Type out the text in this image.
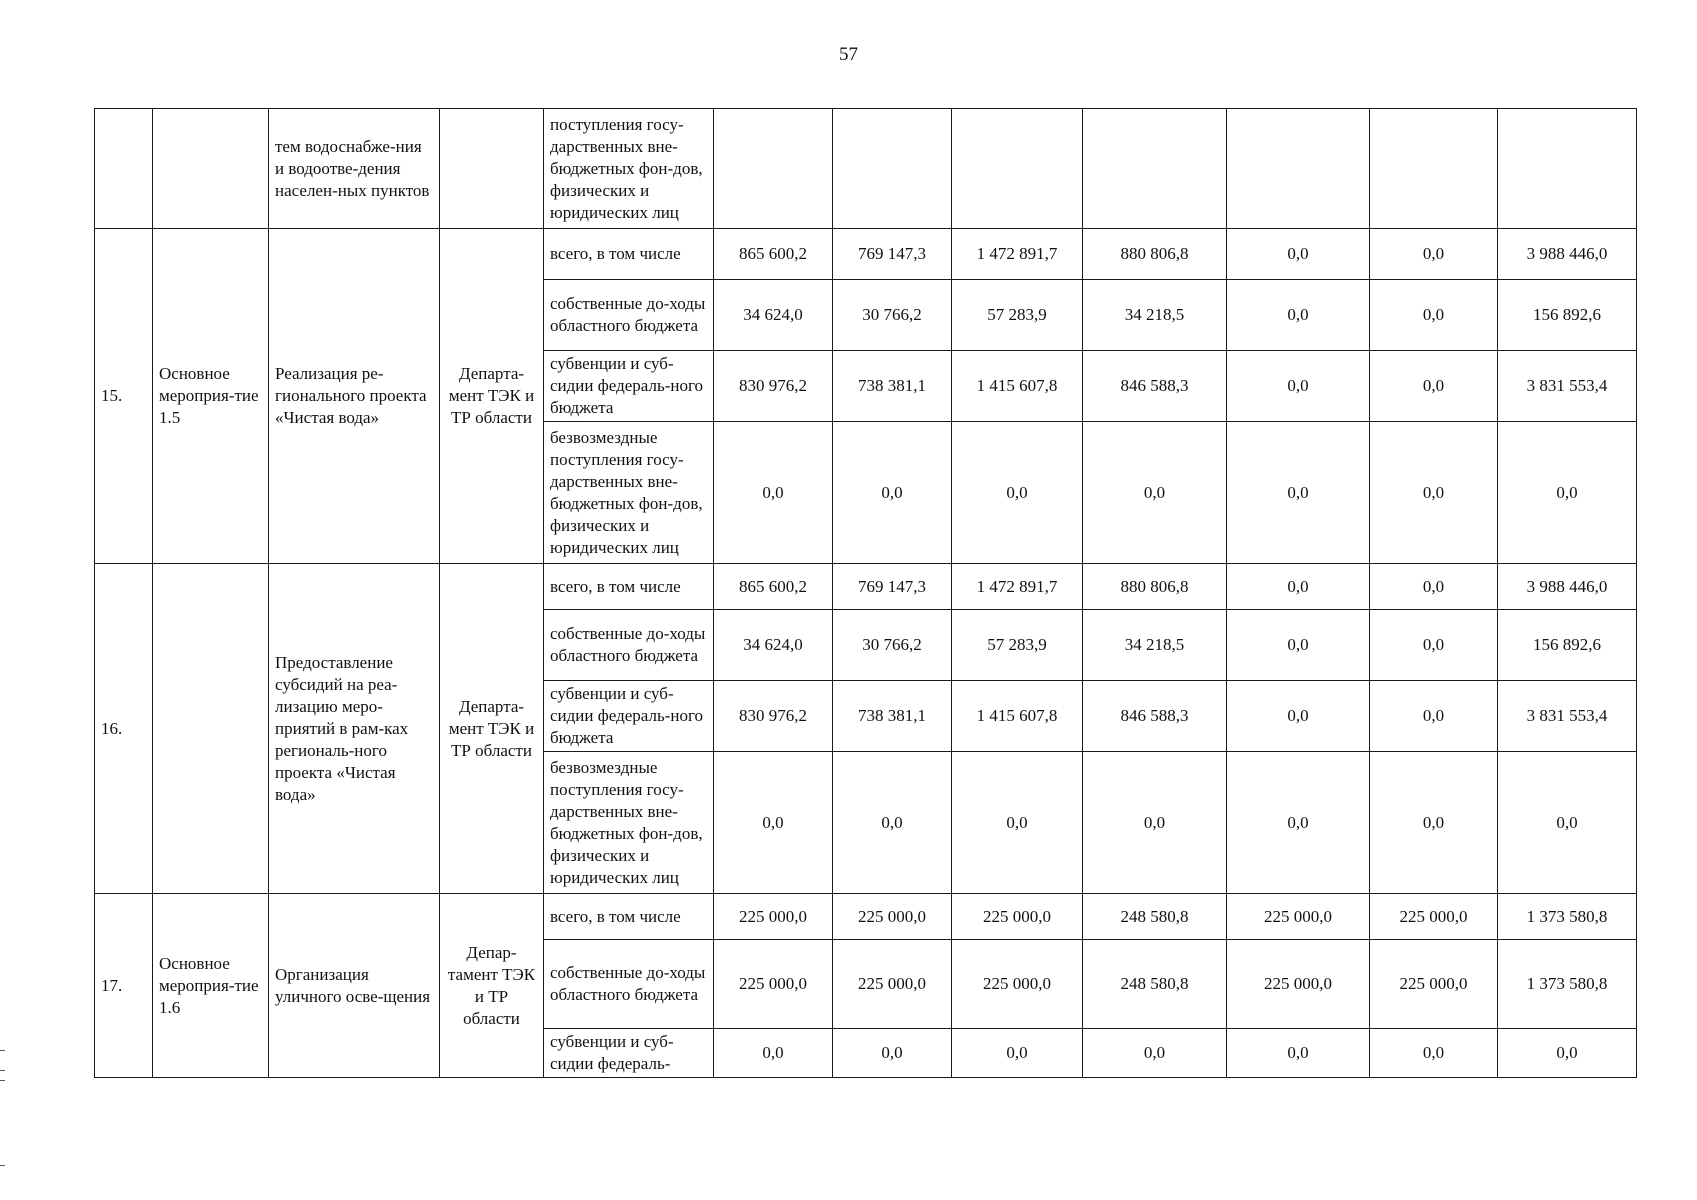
57
		тем водоснабже-ния и водоотве-дения населен-ных пунктов		поступления госу-дарственных вне-бюджетных фон-дов, физических и юридических лиц							
15.	Основное мероприя-тие 1.5	Реализация ре-гионального проекта «Чистая вода»	Департа-мент ТЭК и ТР области	всего, в том числе	865 600,2	769 147,3	1 472 891,7	880 806,8	0,0	0,0	3 988 446,0
				собственные до-ходы областного бюджета	34 624,0	30 766,2	57 283,9	34 218,5	0,0	0,0	156 892,6
				субвенции и суб-сидии федераль-ного бюджета	830 976,2	738 381,1	1 415 607,8	846 588,3	0,0	0,0	3 831 553,4
				безвозмездные поступления госу-дарственных вне-бюджетных фон-дов, физических и юридических лиц	0,0	0,0	0,0	0,0	0,0	0,0	0,0
16.		Предоставление субсидий на реа-лизацию меро-приятий в рам-ках региональ-ного проекта «Чистая вода»	Департа-мент ТЭК и ТР области	всего, в том числе	865 600,2	769 147,3	1 472 891,7	880 806,8	0,0	0,0	3 988 446,0
				собственные до-ходы областного бюджета	34 624,0	30 766,2	57 283,9	34 218,5	0,0	0,0	156 892,6
				субвенции и суб-сидии федераль-ного бюджета	830 976,2	738 381,1	1 415 607,8	846 588,3	0,0	0,0	3 831 553,4
				безвозмездные поступления госу-дарственных вне-бюджетных фон-дов, физических и юридических лиц	0,0	0,0	0,0	0,0	0,0	0,0	0,0
17.	Основное мероприя-тие 1.6	Организация уличного осве-щения	Депар-тамент ТЭК и ТР области	всего, в том числе	225 000,0	225 000,0	225 000,0	248 580,8	225 000,0	225 000,0	1 373 580,8
				собственные до-ходы областного бюджета	225 000,0	225 000,0	225 000,0	248 580,8	225 000,0	225 000,0	1 373 580,8
				субвенции и суб-сидии федераль-	0,0	0,0	0,0	0,0	0,0	0,0	0,0
